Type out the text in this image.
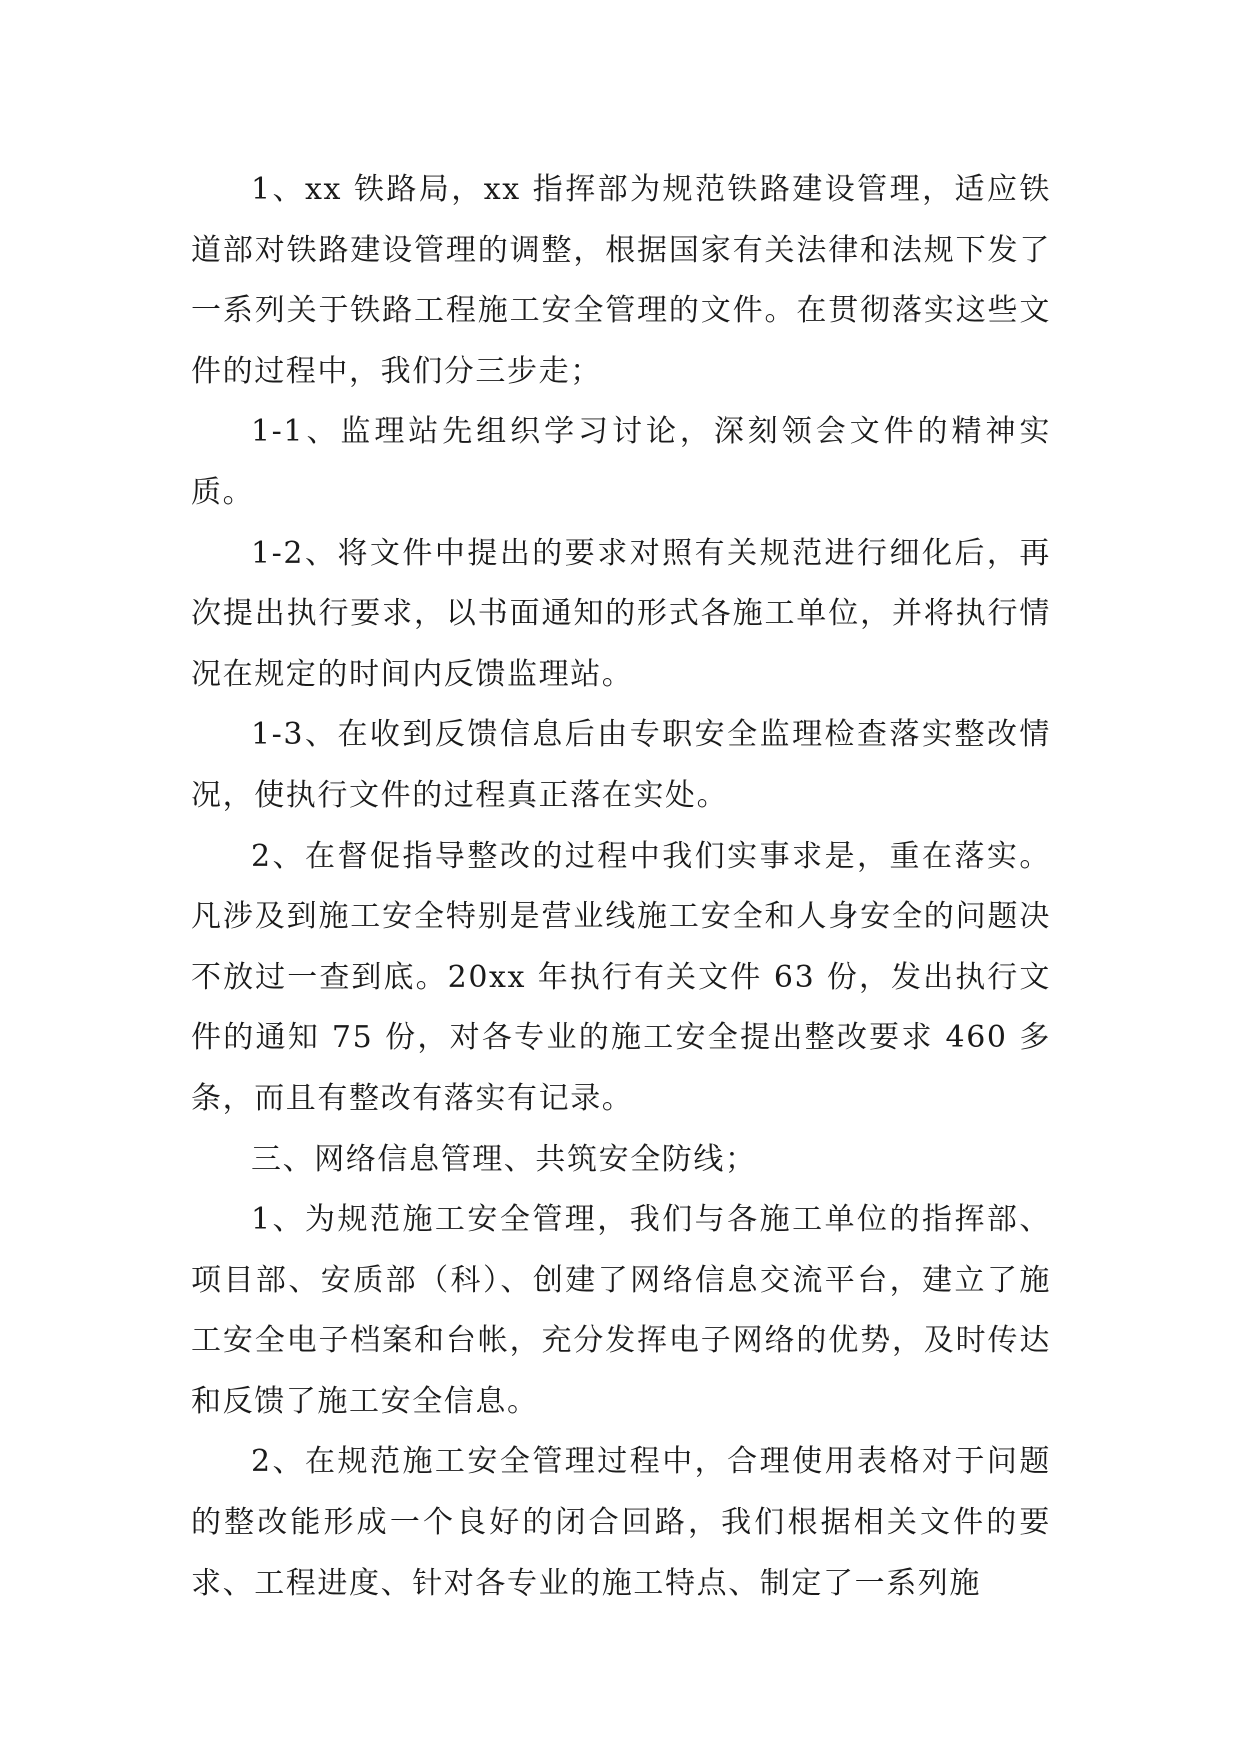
1、xx 铁路局，xx 指挥部为规范铁路建设管理，适应铁道部对铁路建设管理的调整，根据国家有关法律和法规下发了一系列关于铁路工程施工安全管理的文件。在贯彻落实这些文件的过程中，我们分三步走；

1-1、监理站先组织学习讨论，深刻领会文件的精神实质。

1-2、将文件中提出的要求对照有关规范进行细化后，再次提出执行要求，以书面通知的形式各施工单位，并将执行情况在规定的时间内反馈监理站。

1-3、在收到反馈信息后由专职安全监理检查落实整改情况，使执行文件的过程真正落在实处。

2、在督促指导整改的过程中我们实事求是，重在落实。凡涉及到施工安全特别是营业线施工安全和人身安全的问题决不放过一查到底。20xx 年执行有关文件 63 份，发出执行文件的通知 75 份，对各专业的施工安全提出整改要求 460 多条，而且有整改有落实有记录。

三、网络信息管理、共筑安全防线；

1、为规范施工安全管理，我们与各施工单位的指挥部、项目部、安质部（科）、创建了网络信息交流平台，建立了施工安全电子档案和台帐，充分发挥电子网络的优势，及时传达和反馈了施工安全信息。

2、在规范施工安全管理过程中，合理使用表格对于问题的整改能形成一个良好的闭合回路，我们根据相关文件的要求、工程进度、针对各专业的施工特点、制定了一系列施
